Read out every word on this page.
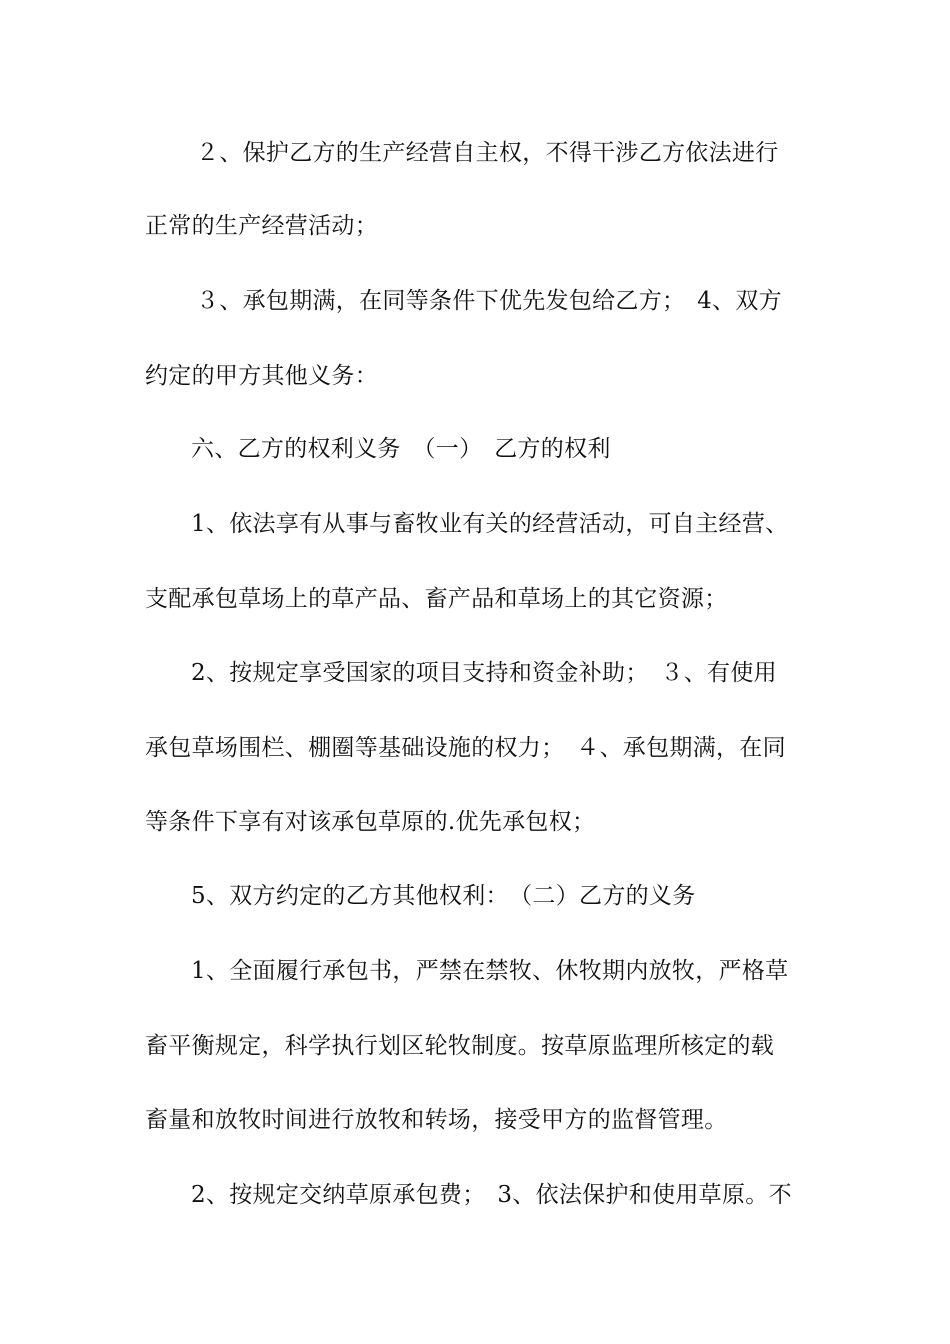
２、保护乙方的生产经营自主权，不得干涉乙方依法进行
正常的生产经营活动；
３、承包期满，在同等条件下优先发包给乙方；　4、双方
约定的甲方其他义务：
六、乙方的权利义务　（一）　乙方的权利
1、依法享有从事与畜牧业有关的经营活动，可自主经营、
支配承包草场上的草产品、畜产品和草场上的其它资源；
2、按规定享受国家的项目支持和资金补助；　３、有使用
承包草场围栏、棚圈等基础设施的权力；　４、承包期满，在同
等条件下享有对该承包草原的.优先承包权；
5、双方约定的乙方其他权利：　（二）乙方的义务
1、全面履行承包书，严禁在禁牧、休牧期内放牧，严格草
畜平衡规定，科学执行划区轮牧制度。按草原监理所核定的载
畜量和放牧时间进行放牧和转场，接受甲方的监督管理。
2、按规定交纳草原承包费；　3、依法保护和使用草原。不
